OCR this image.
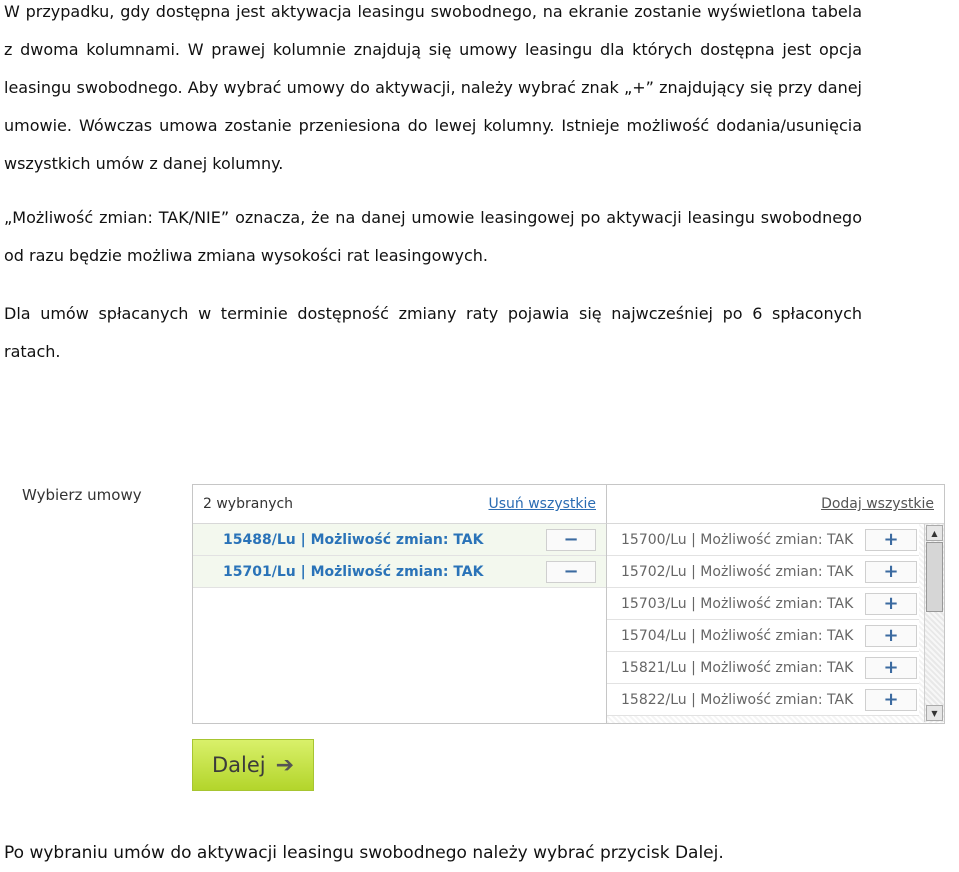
W przypadku, gdy dostępna jest aktywacja leasingu swobodnego, na ekranie zostanie wyświetlona tabela z dwoma kolumnami. W prawej kolumnie znajdują się umowy leasingu dla których dostępna jest opcja leasingu swobodnego. Aby wybrać umowy do aktywacji, należy wybrać znak „+” znajdujący się przy danej umowie. Wówczas umowa zostanie przeniesiona do lewej kolumny. Istnieje możliwość dodania/usunięcia wszystkich umów z danej kolumny.

„Możliwość zmian: TAK/NIE” oznacza, że na danej umowie leasingowej po aktywacji leasingu swobodnego od razu będzie możliwa zmiana wysokości rat leasingowych.

Dla umów spłacanych w terminie dostępność zmiany raty pojawia się najwcześniej po 6 spłaconych ratach.

Wybierz umowy	2 wybranych	Usuń wszystkie	Dodaj wszystkie
15488/Lu | Możliwość zmian: TAK	−
15701/Lu | Możliwość zmian: TAK	−
15700/Lu | Możliwość zmian: TAK	+
15702/Lu | Możliwość zmian: TAK	+
15703/Lu | Możliwość zmian: TAK	+
15704/Lu | Możliwość zmian: TAK	+
15821/Lu | Możliwość zmian: TAK	+
15822/Lu | Możliwość zmian: TAK	+
▲
▼
Dalej ➔

Po wybraniu umów do aktywacji leasingu swobodnego należy wybrać przycisk Dalej.
